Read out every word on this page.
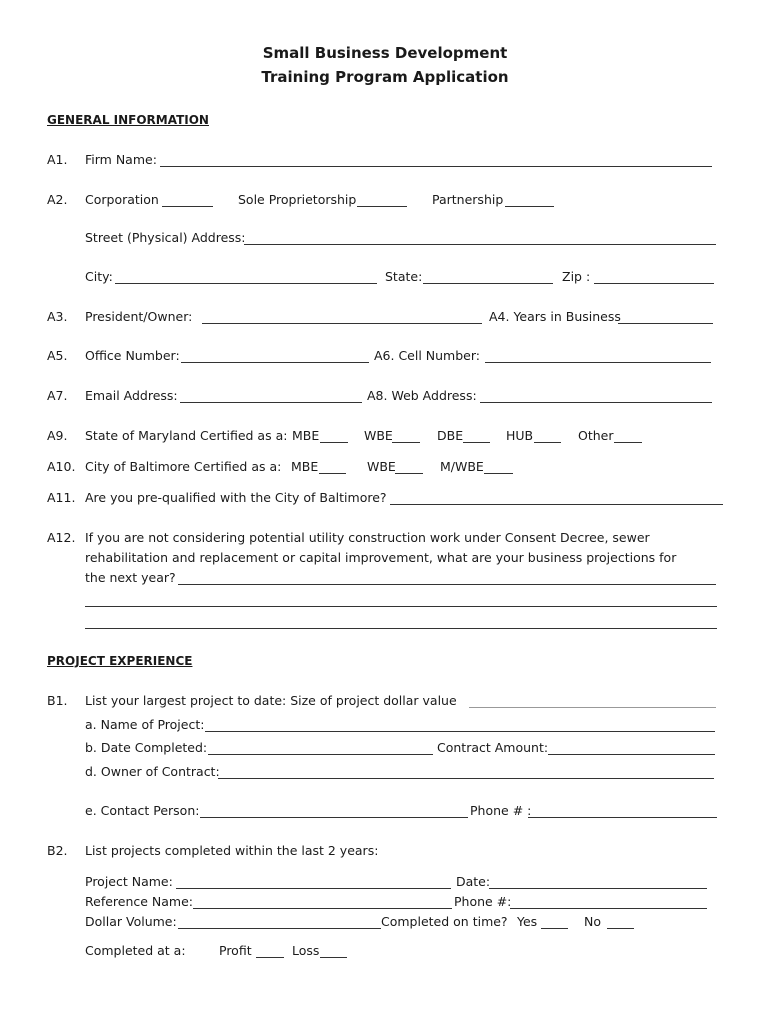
Small Business Development
Training Program Application
GENERAL INFORMATION
A1. Firm Name:
A2. Corporation	Sole Proprietorship	Partnership
Street (Physical) Address:
City:	State:	Zip :
A3. President/Owner:	A4. Years in Business
A5. Office Number:	A6. Cell Number:
A7. Email Address:	A8. Web Address:
A9. State of Maryland Certified as a: MBE	WBE	DBE	HUB	Other
A10. City of Baltimore Certified as a: MBE	WBE	M/WBE
A11. Are you pre-qualified with the City of Baltimore?
A12. If you are not considering potential utility construction work under Consent Decree, sewer
rehabilitation and replacement or capital improvement, what are your business projections for
the next year?
PROJECT EXPERIENCE
B1. List your largest project to date: Size of project dollar value
a. Name of Project:
b. Date Completed:	Contract Amount:
d. Owner of Contract:
e. Contact Person:	Phone # :
B2. List projects completed within the last 2 years:
Project Name:	Date:
Reference Name:	Phone #:
Dollar Volume:	Completed on time? Yes	No
Completed at a:	Profit	Loss
